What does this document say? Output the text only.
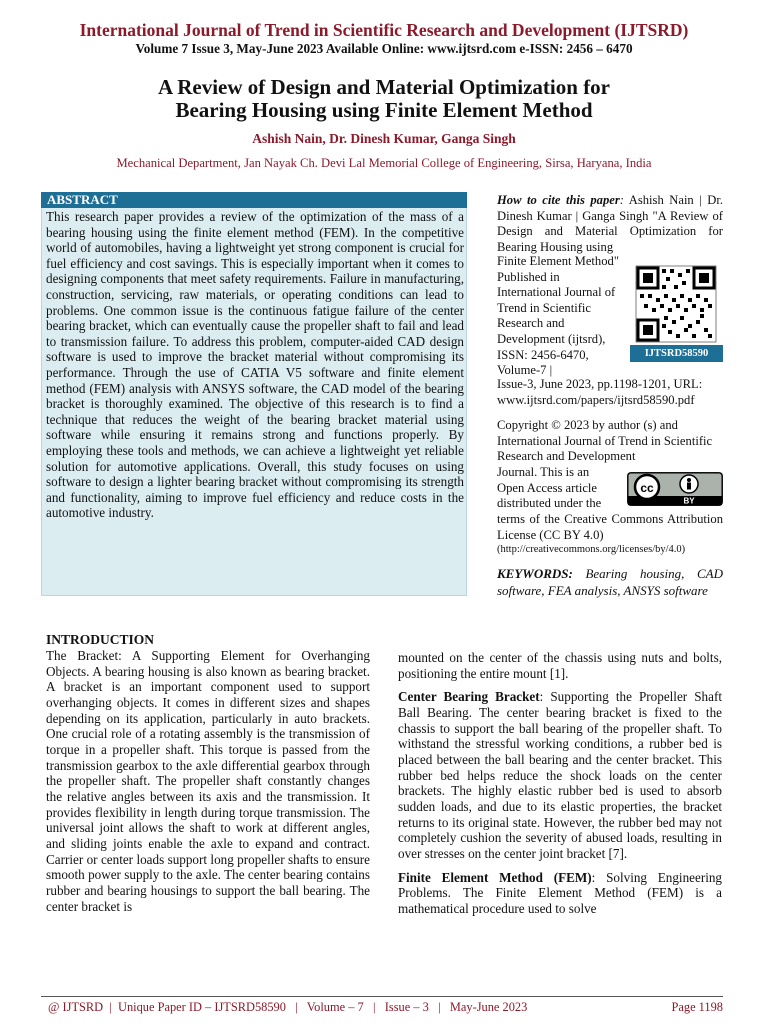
International Journal of Trend in Scientific Research and Development (IJTSRD)
Volume 7 Issue 3, May-June 2023 Available Online: www.ijtsrd.com e-ISSN: 2456 – 6470
A Review of Design and Material Optimization for
Bearing Housing using Finite Element Method
Ashish Nain, Dr. Dinesh Kumar, Ganga Singh
Mechanical Department, Jan Nayak Ch. Devi Lal Memorial College of Engineering, Sirsa, Haryana, India
ABSTRACT
This research paper provides a review of the optimization of the mass of a bearing housing using the finite element method (FEM). In the competitive world of automobiles, having a lightweight yet strong component is crucial for fuel efficiency and cost savings. This is especially important when it comes to designing components that meet safety requirements. Failure in manufacturing, construction, servicing, raw materials, or operating conditions can lead to problems. One common issue is the continuous fatigue failure of the center bearing bracket, which can eventually cause the propeller shaft to fail and lead to transmission failure. To address this problem, computer-aided CAD design software is used to improve the bracket material without compromising its performance. Through the use of CATIA V5 software and finite element method (FEM) analysis with ANSYS software, the CAD model of the bearing bracket is thoroughly examined. The objective of this research is to find a technique that reduces the weight of the bearing bracket material using software while ensuring it remains strong and functions properly. By employing these tools and methods, we can achieve a lightweight yet reliable solution for automotive applications. Overall, this study focuses on using software to design a lighter bearing bracket without compromising its strength and functionality, aiming to improve fuel efficiency and reduce costs in the automotive industry.
How to cite this paper: Ashish Nain | Dr. Dinesh Kumar | Ganga Singh "A Review of Design and Material Optimization for Bearing Housing using
Finite Element Method" Published in International Journal of Trend in Scientific Research and Development (ijtsrd), ISSN: 2456-6470, Volume-7 |
Issue-3, June 2023, pp.1198-1201, URL: www.ijtsrd.com/papers/ijtsrd58590.pdf
IJTSRD58590
Copyright © 2023 by author (s) and International Journal of Trend in Scientific Research and Development
Journal. This is an Open Access article distributed under the
terms of the Creative Commons Attribution License (CC BY 4.0)
(http://creativecommons.org/licenses/by/4.0)
cc
BY
KEYWORDS: Bearing housing, CAD software, FEA analysis, ANSYS software
INTRODUCTION
The Bracket: A Supporting Element for Overhanging Objects. A bearing housing is also known as bearing bracket. A bracket is an important component used to support overhanging objects. It comes in different sizes and shapes depending on its application, particularly in auto brackets. One crucial role of a rotating assembly is the transmission of torque in a propeller shaft. This torque is passed from the transmission gearbox to the axle differential gearbox through the propeller shaft. The propeller shaft constantly changes the relative angles between its axis and the transmission. It provides flexibility in length during torque transmission. The universal joint allows the shaft to work at different angles, and sliding joints enable the axle to expand and contract. Carrier or center loads support long propeller shafts to ensure smooth power supply to the axle. The center bearing contains rubber and bearing housings to support the ball bearing. The center bracket is

mounted on the center of the chassis using nuts and bolts, positioning the entire mount [1].

Center Bearing Bracket: Supporting the Propeller Shaft Ball Bearing. The center bearing bracket is fixed to the chassis to support the ball bearing of the propeller shaft. To withstand the stressful working conditions, a rubber bed is placed between the ball bearing and the center bracket. This rubber bed helps reduce the shock loads on the center brackets. The highly elastic rubber bed is used to absorb sudden loads, and due to its elastic properties, the bracket returns to its original state. However, the rubber bed may not completely cushion the severity of abused loads, resulting in over stresses on the center joint bracket [7].

Finite Element Method (FEM): Solving Engineering Problems. The Finite Element Method (FEM) is a mathematical procedure used to solve

@ IJTSRD  |  Unique Paper ID – IJTSRD58590   |   Volume – 7   |   Issue – 3   |   May-June 2023	Page 1198
